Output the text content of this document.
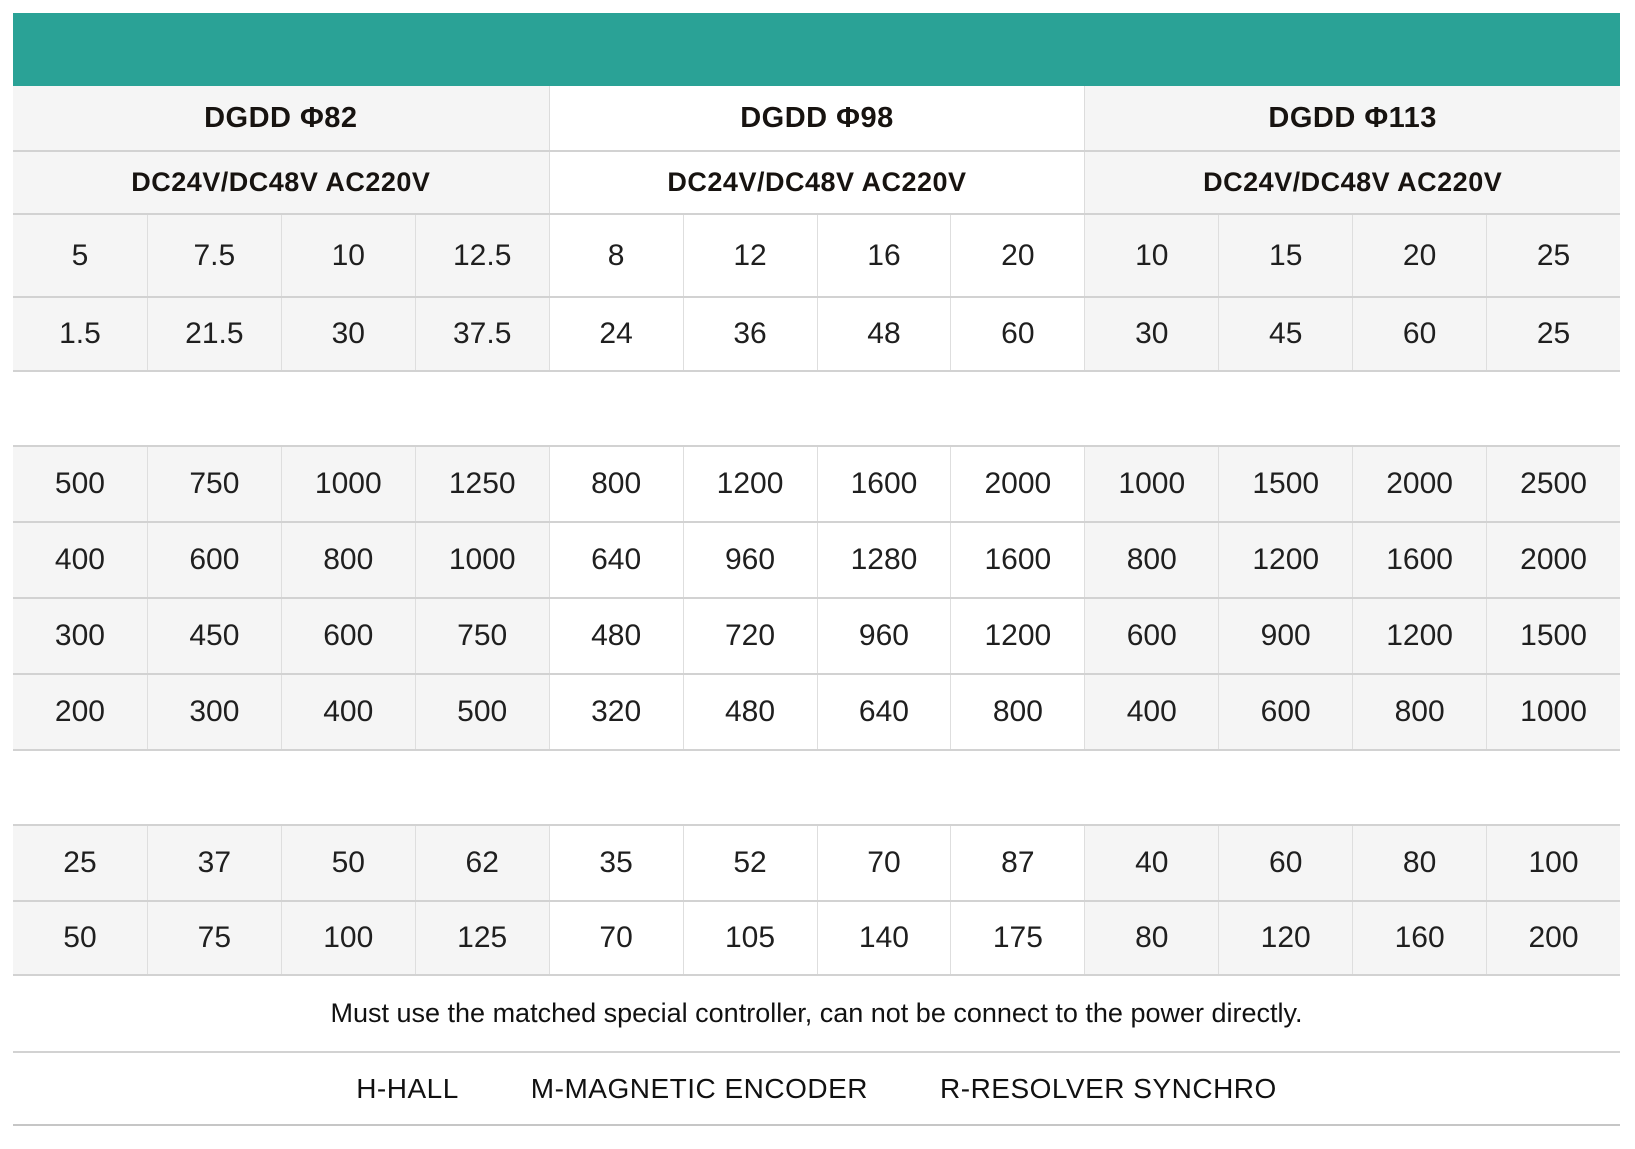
DGDD Φ82	DGDD Φ98	DGDD Φ113
DC24V/DC48V AC220V	DC24V/DC48V AC220V	DC24V/DC48V AC220V
5	7.5	10	12.5	8	12	16	20	10	15	20	25
1.5	21.5	30	37.5	24	36	48	60	30	45	60	25
500	750	1000	1250	800	1200	1600	2000	1000	1500	2000	2500
400	600	800	1000	640	960	1280	1600	800	1200	1600	2000
300	450	600	750	480	720	960	1200	600	900	1200	1500
200	300	400	500	320	480	640	800	400	600	800	1000
25	37	50	62	35	52	70	87	40	60	80	100
50	75	100	125	70	105	140	175	80	120	160	200
Must use the matched special controller, can not be connect to the power directly.
H-HALL	M-MAGNETIC ENCODER	R-RESOLVER SYNCHRO
